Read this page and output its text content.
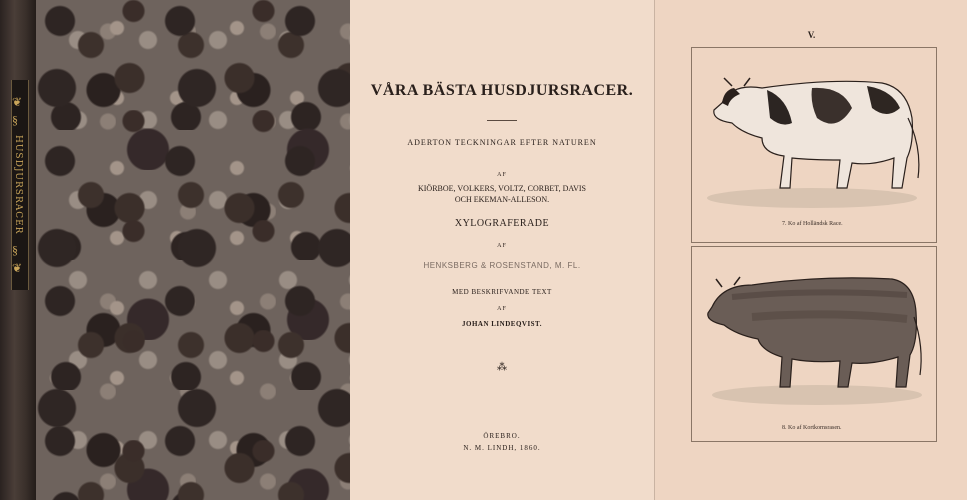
❦
§
HUSDJURSRACER
§
❦
VÅRA BÄSTA HUSDJURSRACER.
ADERTON TECKNINGAR EFTER NATUREN
AF
KIÖRBOE, VOLKERS, VOLTZ, CORBET, DAVIS
OCH EKEMAN-ALLESON.
XYLOGRAFERADE
AF
HENKSBERG & ROSENSTAND, M. FL.
MED BESKRIFVANDE TEXT
AF
JOHAN LINDEQVIST.
⁂
ÖREBRO.
N. M. LINDH, 1860.
V.
7. Ko af Holländsk Race.
8. Ko af Kortkornsrasen.
